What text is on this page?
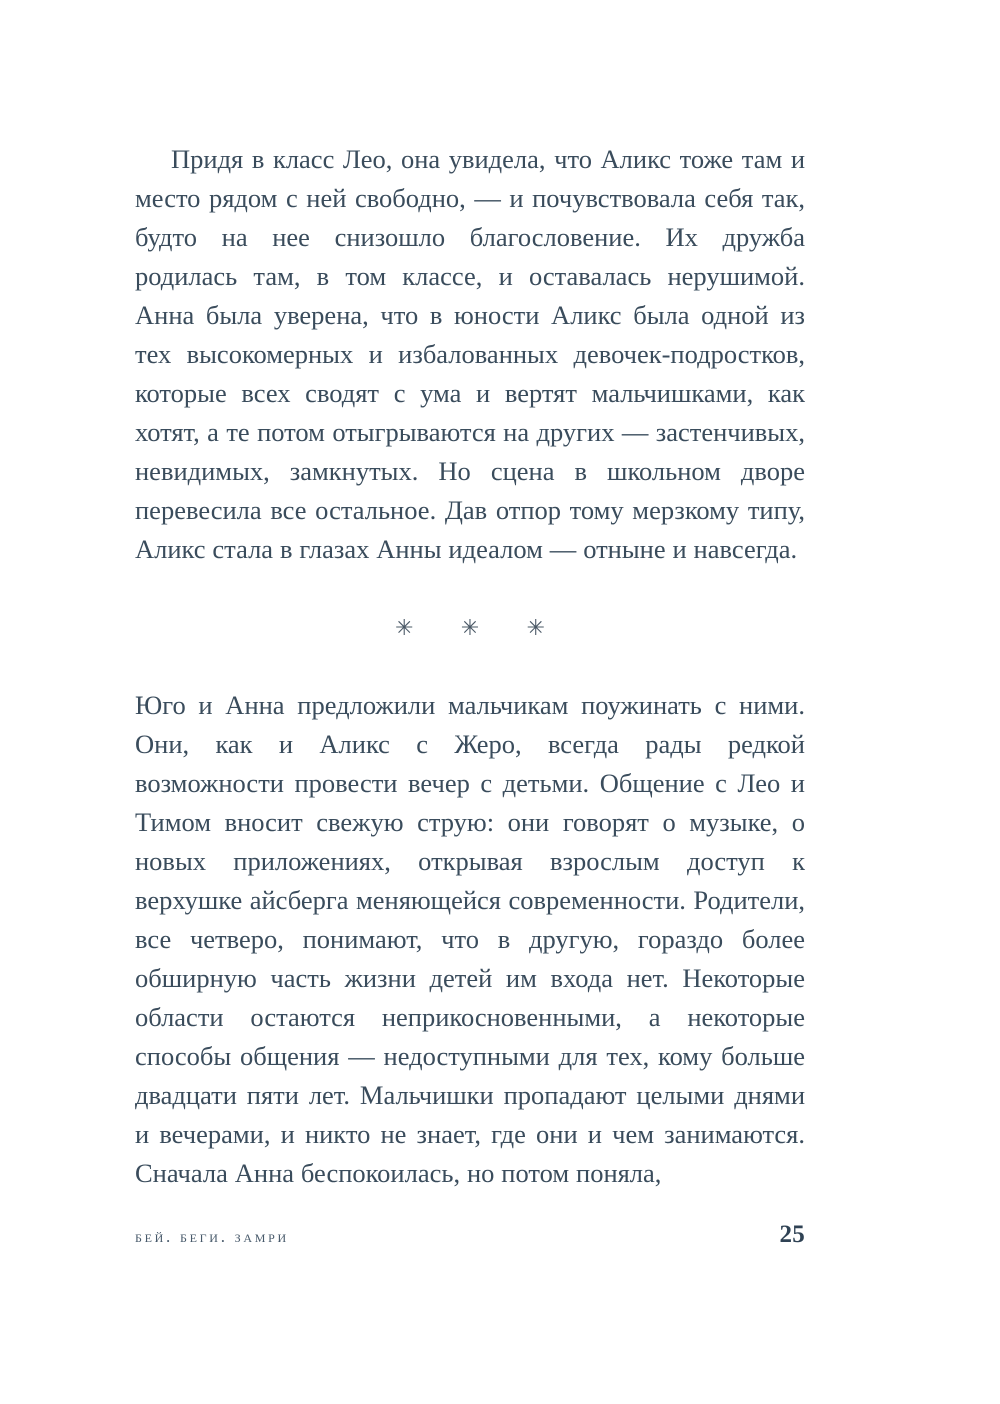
Придя в класс Лео, она увидела, что Аликс тоже там и место рядом с ней свободно, — и почувствовала себя так, будто на нее снизошло благословение. Их дружба родилась там, в том классе, и оставалась нерушимой. Анна была уверена, что в юности Аликс была одной из тех высокомерных и избалованных девочек-подростков, которые всех сводят с ума и вертят мальчишками, как хотят, а те потом отыгрываются на других — застенчивых, невидимых, замкнутых. Но сцена в школьном дворе перевесила все остальное. Дав отпор тому мерзкому типу, Аликс стала в глазах Анны идеалом — отныне и навсегда.

✳ ✳ ✳

Юго и Анна предложили мальчикам поужинать с ними. Они, как и Аликс с Жеро, всегда рады редкой возможности провести вечер с детьми. Общение с Лео и Тимом вносит свежую струю: они говорят о музыке, о новых приложениях, открывая взрослым доступ к верхушке айсберга меняющейся современности. Родители, все четверо, понимают, что в другую, гораздо более обширную часть жизни детей им входа нет. Некоторые области остаются неприкосновенными, а некоторые способы общения — недоступными для тех, кому больше двадцати пяти лет. Мальчишки пропадают целыми днями и вечерами, и никто не знает, где они и чем занимаются. Сначала Анна беспокоилась, но потом поняла,

бей. беги. замри	25
